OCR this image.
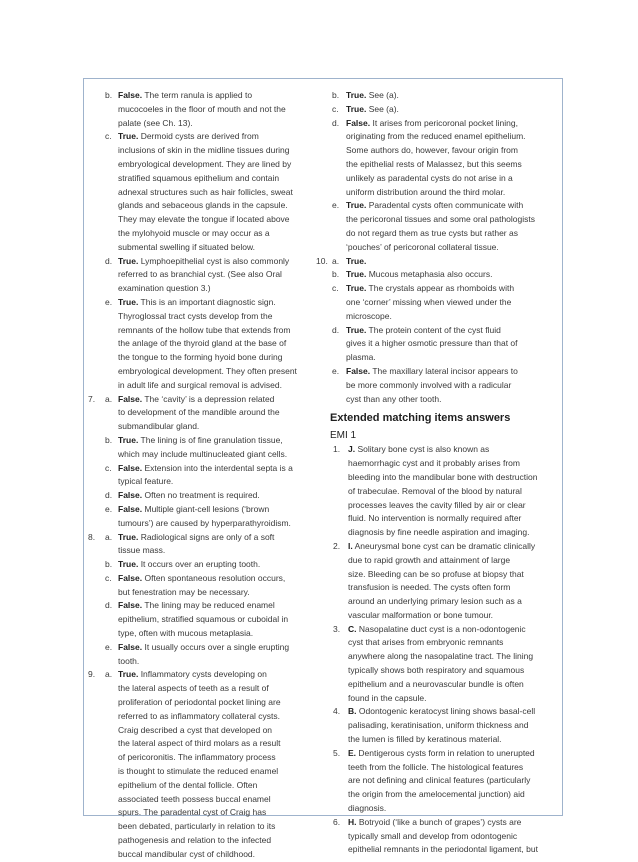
b. False. The term ranula is applied to
mucocoeles in the floor of mouth and not the
palate (see Ch. 13).
c. True. Dermoid cysts are derived from
inclusions of skin in the midline tissues during
embryological development. They are lined by
stratified squamous epithelium and contain
adnexal structures such as hair follicles, sweat
glands and sebaceous glands in the capsule.
They may elevate the tongue if located above
the mylohyoid muscle or may occur as a
submental swelling if situated below.
d. True. Lymphoepithelial cyst is also commonly
referred to as branchial cyst. (See also Oral
examination question 3.)
e. True. This is an important diagnostic sign.
Thyroglossal tract cysts develop from the
remnants of the hollow tube that extends from
the anlage of the thyroid gland at the base of
the tongue to the forming hyoid bone during
embryological development. They often present
in adult life and surgical removal is advised.
7. a. False. The ‘cavity’ is a depression related
to development of the mandible around the
submandibular gland.
b. True. The lining is of fine granulation tissue,
which may include multinucleated giant cells.
c. False. Extension into the interdental septa is a
typical feature.
d. False. Often no treatment is required.
e. False. Multiple giant-cell lesions (‘brown
tumours’) are caused by hyperparathyroidism.
8. a. True. Radiological signs are only of a soft
tissue mass.
b. True. It occurs over an erupting tooth.
c. False. Often spontaneous resolution occurs,
but fenestration may be necessary.
d. False. The lining may be reduced enamel
epithelium, stratified squamous or cuboidal in
type, often with mucous metaplasia.
e. False. It usually occurs over a single erupting
tooth.
9. a. True. Inflammatory cysts developing on
the lateral aspects of teeth as a result of
proliferation of periodontal pocket lining are
referred to as inflammatory collateral cysts.
Craig described a cyst that developed on
the lateral aspect of third molars as a result
of pericoronitis. The inflammatory process
is thought to stimulate the reduced enamel
epithelium of the dental follicle. Often
associated teeth possess buccal enamel
spurs. The paradental cyst of Craig has
been debated, particularly in relation to its
pathogenesis and relation to the infected
buccal mandibular cyst of childhood.
b. True. See (a).
c. True. See (a).
d. False. It arises from pericoronal pocket lining,
originating from the reduced enamel epithelium.
Some authors do, however, favour origin from
the epithelial rests of Malassez, but this seems
unlikely as paradental cysts do not arise in a
uniform distribution around the third molar.
e. True. Paradental cysts often communicate with
the pericoronal tissues and some oral pathologists
do not regard them as true cysts but rather as
‘pouches’ of pericoronal collateral tissue.
10. a. True.
b. True. Mucous metaphasia also occurs.
c. True. The crystals appear as rhomboids with
one ‘corner’ missing when viewed under the
microscope.
d. True. The protein content of the cyst fluid
gives it a higher osmotic pressure than that of
plasma.
e. False. The maxillary lateral incisor appears to
be more commonly involved with a radicular
cyst than any other tooth.
Extended matching items answers
EMI 1
1. J. Solitary bone cyst is also known as
haemorrhagic cyst and it probably arises from
bleeding into the mandibular bone with destruction
of trabeculae. Removal of the blood by natural
processes leaves the cavity filled by air or clear
fluid. No intervention is normally required after
diagnosis by fine needle aspiration and imaging.
2. I. Aneurysmal bone cyst can be dramatic clinically
due to rapid growth and attainment of large
size. Bleeding can be so profuse at biopsy that
transfusion is needed. The cysts often form
around an underlying primary lesion such as a
vascular malformation or bone tumour.
3. C. Nasopalatine duct cyst is a non-odontogenic
cyst that arises from embryonic remnants
anywhere along the nasopalatine tract. The lining
typically shows both respiratory and squamous
epithelium and a neurovascular bundle is often
found in the capsule.
4. B. Odontogenic keratocyst lining shows basal-cell
palisading, keratinisation, uniform thickness and
the lumen is filled by keratinous material.
5. E. Dentigerous cysts form in relation to unerupted
teeth from the follicle. The histological features
are not defining and clinical features (particularly
the origin from the amelocemental junction) aid
diagnosis.
6. H. Botryoid (‘like a bunch of grapes’) cysts are
typically small and develop from odontogenic
epithelial remnants in the periodontal ligament, but
